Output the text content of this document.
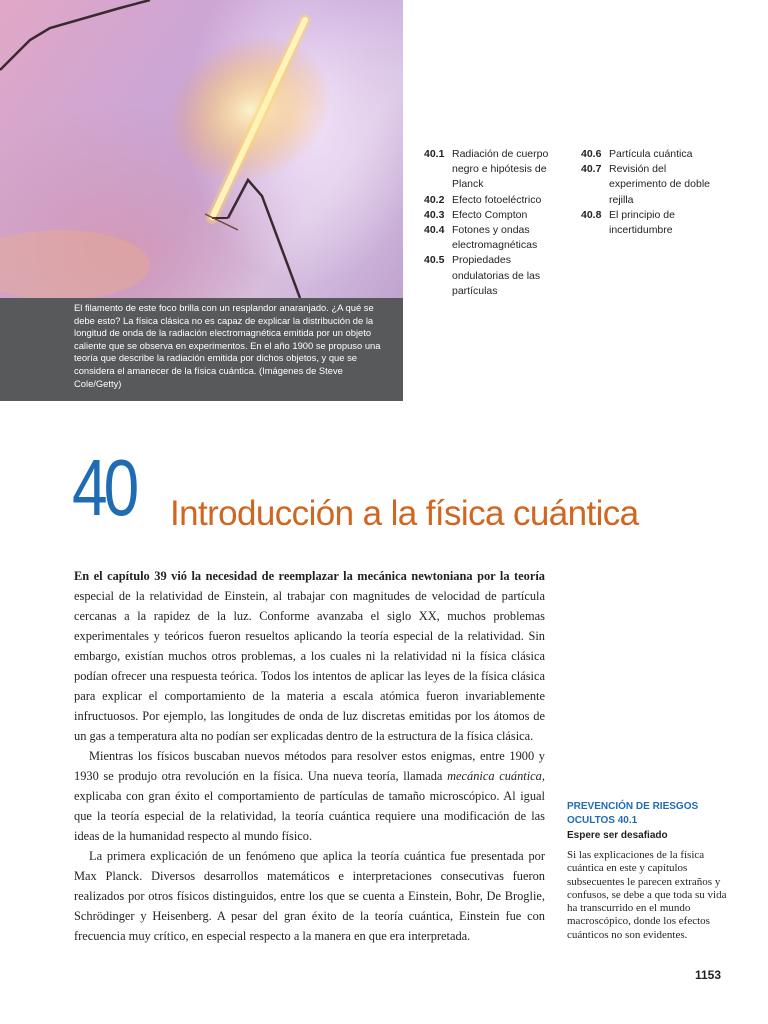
El filamento de este foco brilla con un resplandor anaranjado. ¿A qué se debe esto? La física clásica no es capaz de explicar la distribución de la longitud de onda de la radiación electromagnética emitida por un objeto caliente que se observa en experimentos. En el año 1900 se propuso una teoría que describe la radiación emitida por dichos objetos, y que se considera el amanecer de la física cuántica. (Imágenes de Steve Cole/Getty)
40.1 Radiación de cuerpo negro e hipótesis de Planck
40.2 Efecto fotoeléctrico
40.3 Efecto Compton
40.4 Fotones y ondas electromagnéticas
40.5 Propiedades ondulatorias de las partículas
40.6 Partícula cuántica
40.7 Revisión del experimento de doble rejilla
40.8 El principio de incertidumbre
40 Introducción a la física cuántica

En el capítulo 39 vió la necesidad de reemplazar la mecánica newtoniana por la teoría especial de la relatividad de Einstein, al trabajar con magnitudes de velocidad de partícula cercanas a la rapidez de la luz. Conforme avanzaba el siglo XX, muchos problemas experimentales y teóricos fueron resueltos aplicando la teoría especial de la relatividad. Sin embargo, existían muchos otros problemas, a los cuales ni la relatividad ni la física clásica podían ofrecer una respuesta teórica. Todos los intentos de aplicar las leyes de la física clásica para explicar el comportamiento de la materia a escala atómica fueron invariablemente infructuosos. Por ejemplo, las longitudes de onda de luz discretas emitidas por los átomos de un gas a temperatura alta no podían ser explicadas dentro de la estructura de la física clásica.

Mientras los físicos buscaban nuevos métodos para resolver estos enigmas, entre 1900 y 1930 se produjo otra revolución en la física. Una nueva teoría, llamada mecánica cuántica, explicaba con gran éxito el comportamiento de partículas de tamaño microscópico. Al igual que la teoría especial de la relatividad, la teoría cuántica requiere una modificación de las ideas de la humanidad respecto al mundo físico.

La primera explicación de un fenómeno que aplica la teoría cuántica fue presentada por Max Planck. Diversos desarrollos matemáticos e interpretaciones consecutivas fueron realizados por otros físicos distinguidos, entre los que se cuenta a Einstein, Bohr, De Broglie, Schrödinger y Heisenberg. A pesar del gran éxito de la teoría cuántica, Einstein fue con frecuencia muy crítico, en especial respecto a la manera en que era interpretada.

PREVENCIÓN DE RIESGOS OCULTOS 40.1
Espere ser desafiado
Si las explicaciones de la física cuántica en este y capítulos subsecuentes le parecen extraños y confusos, se debe a que toda su vida ha transcurrido en el mundo macroscópico, donde los efectos cuánticos no son evidentes.
1153
